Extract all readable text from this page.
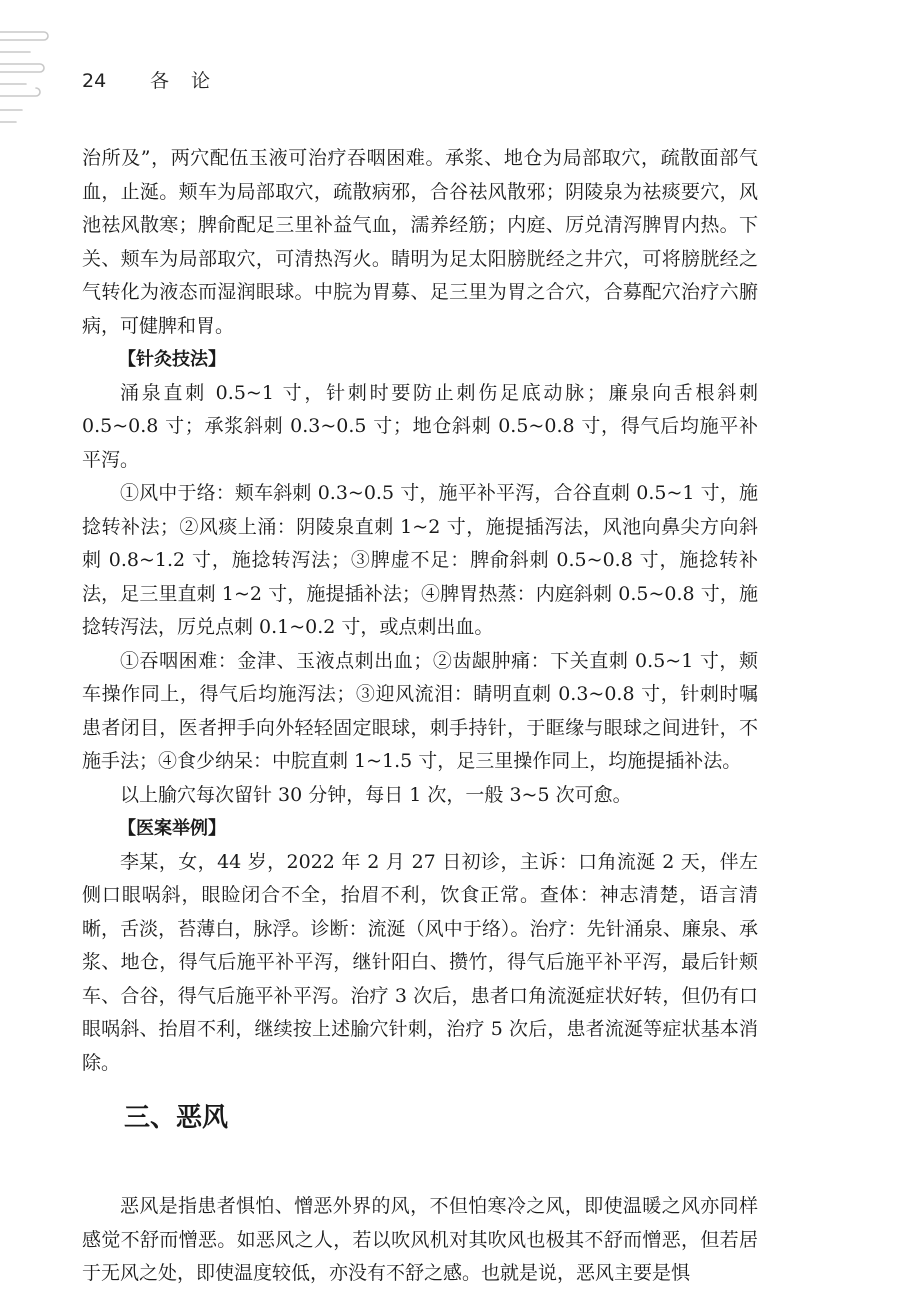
24 各论

治所及”，两穴配伍玉液可治疗吞咽困难。承浆、地仓为局部取穴，疏散面部气血，止涎。颊车为局部取穴，疏散病邪，合谷祛风散邪；阴陵泉为祛痰要穴，风池祛风散寒；脾俞配足三里补益气血，濡养经筋；内庭、厉兑清泻脾胃内热。下关、颊车为局部取穴，可清热泻火。睛明为足太阳膀胱经之井穴，可将膀胱经之气转化为液态而湿润眼球。中脘为胃募、足三里为胃之合穴，合募配穴治疗六腑病，可健脾和胃。

【针灸技法】

涌泉直刺 0.5~1 寸，针刺时要防止刺伤足底动脉；廉泉向舌根斜刺 0.5~0.8 寸；承浆斜刺 0.3~0.5 寸；地仓斜刺 0.5~0.8 寸，得气后均施平补平泻。

①风中于络：颊车斜刺 0.3~0.5 寸，施平补平泻，合谷直刺 0.5~1 寸，施捻转补法；②风痰上涌：阴陵泉直刺 1~2 寸，施提插泻法，风池向鼻尖方向斜刺 0.8~1.2 寸，施捻转泻法；③脾虚不足：脾俞斜刺 0.5~0.8 寸，施捻转补法，足三里直刺 1~2 寸，施提插补法；④脾胃热蒸：内庭斜刺 0.5~0.8 寸，施捻转泻法，厉兑点刺 0.1~0.2 寸，或点刺出血。

①吞咽困难：金津、玉液点刺出血；②齿龈肿痛：下关直刺 0.5~1 寸，颊车操作同上，得气后均施泻法；③迎风流泪：睛明直刺 0.3~0.8 寸，针刺时嘱患者闭目，医者押手向外轻轻固定眼球，刺手持针，于眶缘与眼球之间进针，不施手法；④食少纳呆：中脘直刺 1~1.5 寸，足三里操作同上，均施提插补法。

以上腧穴每次留针 30 分钟，每日 1 次，一般 3~5 次可愈。

【医案举例】

李某，女，44 岁，2022 年 2 月 27 日初诊，主诉：口角流涎 2 天，伴左侧口眼㖞斜，眼睑闭合不全，抬眉不利，饮食正常。查体：神志清楚，语言清晰，舌淡，苔薄白，脉浮。诊断：流涎（风中于络）。治疗：先针涌泉、廉泉、承浆、地仓，得气后施平补平泻，继针阳白、攒竹，得气后施平补平泻，最后针颊车、合谷，得气后施平补平泻。治疗 3 次后，患者口角流涎症状好转，但仍有口眼㖞斜、抬眉不利，继续按上述腧穴针刺，治疗 5 次后，患者流涎等症状基本消除。

三、恶风

恶风是指患者惧怕、憎恶外界的风，不但怕寒冷之风，即使温暖之风亦同样感觉不舒而憎恶。如恶风之人，若以吹风机对其吹风也极其不舒而憎恶，但若居于无风之处，即使温度较低，亦没有不舒之感。也就是说，恶风主要是惧
